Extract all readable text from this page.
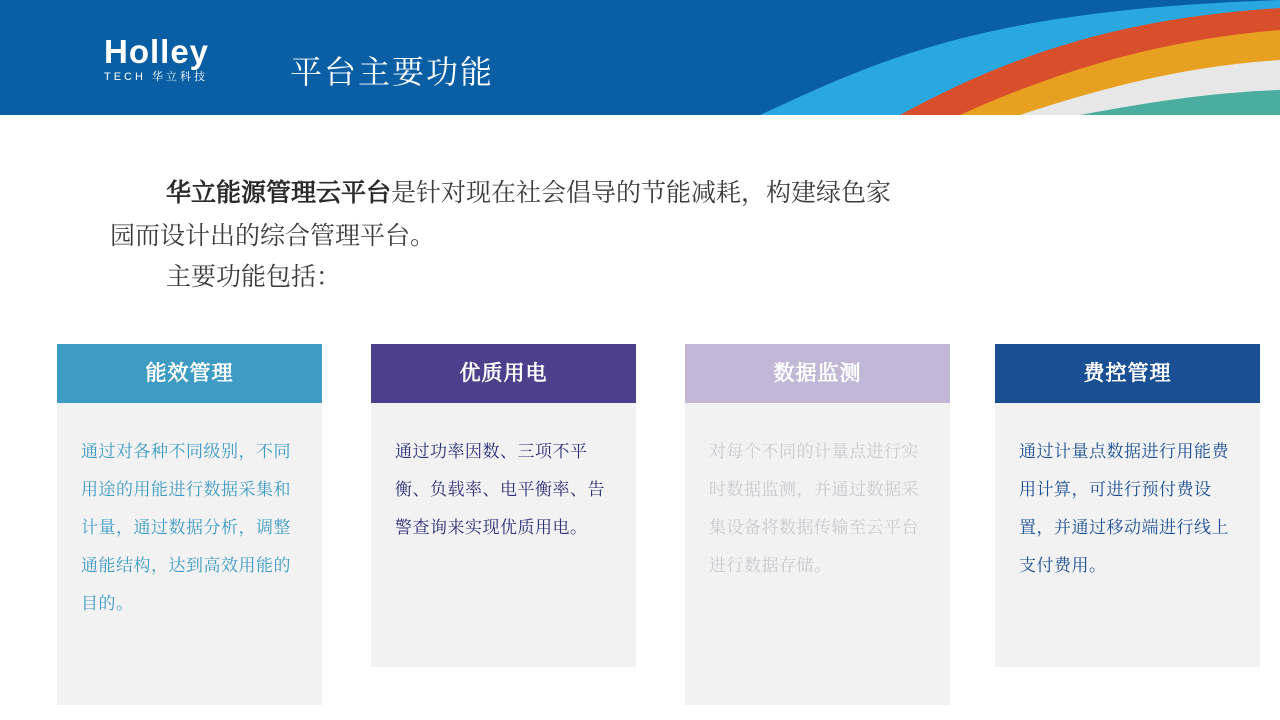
Holley
TECH 华立科技	平台主要功能
华立能源管理云平台是针对现在社会倡导的节能减耗，构建绿色家
园而设计出的综合管理平台。
主要功能包括：
能效管理
通过对各种不同级别，不同用途的用能进行数据采集和计量，通过数据分析，调整通能结构，达到高效用能的目的。
优质用电
通过功率因数、三项不平衡、负载率、电平衡率、告警查询来实现优质用电。
数据监测
对每个不同的计量点进行实时数据监测，并通过数据采集设备将数据传输至云平台进行数据存储。
费控管理
通过计量点数据进行用能费用计算，可进行预付费设置，并通过移动端进行线上支付费用。
